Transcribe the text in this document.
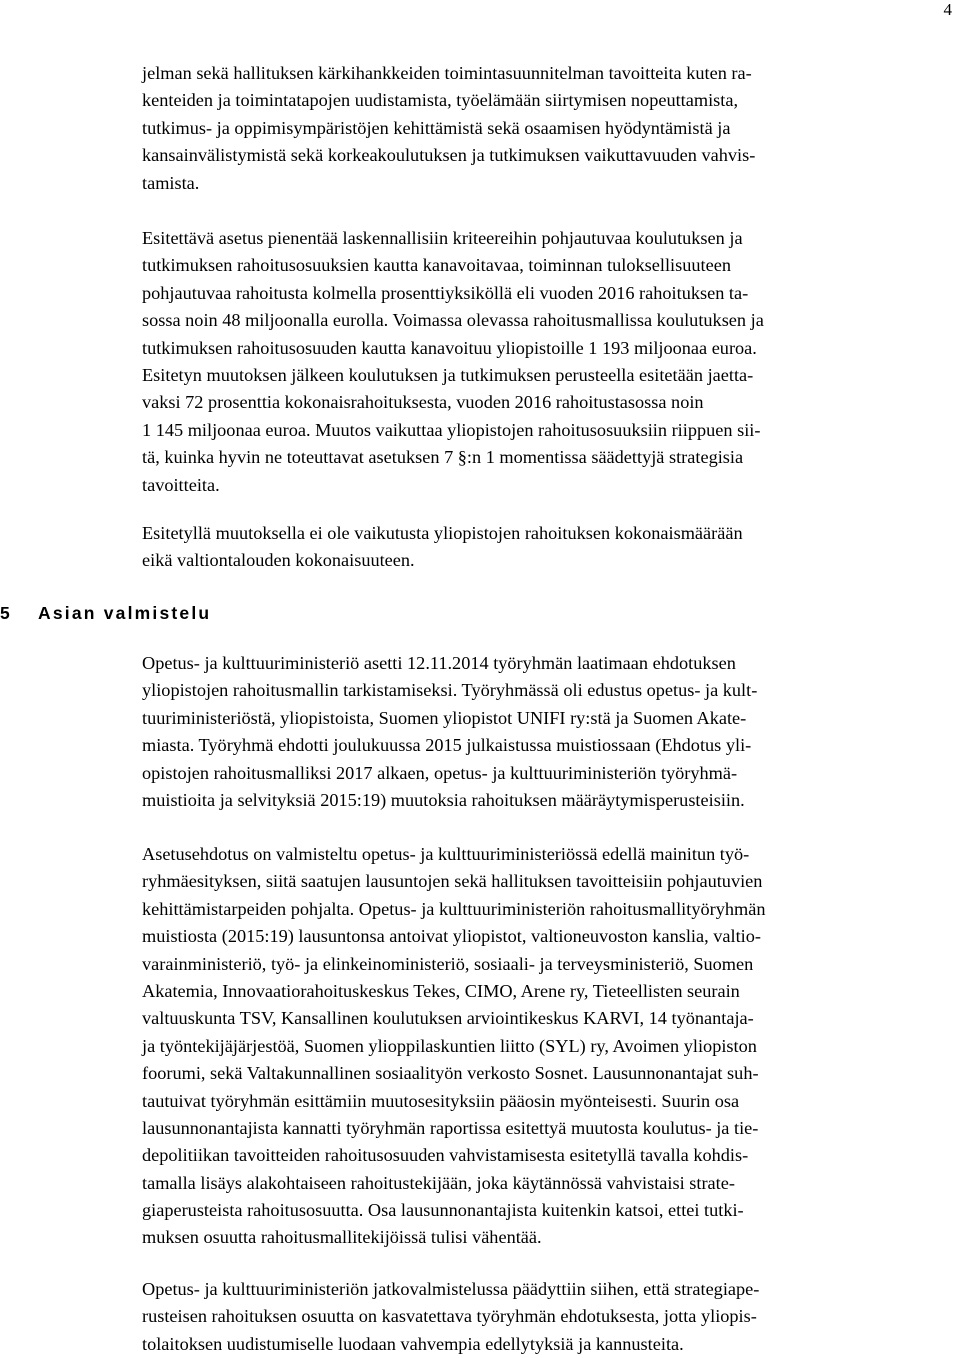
4
5 Asian valmistelu
jelman sekä hallituksen kärkihankkeiden toimintasuunnitelman tavoitteita kuten ra-
kenteiden ja toimintatapojen uudistamista, työelämään siirtymisen nopeuttamista,
tutkimus- ja oppimisympäristöjen kehittämistä sekä osaamisen hyödyntämistä ja
kansainvälistymistä sekä korkeakoulutuksen ja tutkimuksen vaikuttavuuden vahvis-
tamista.
Esitettävä asetus pienentää laskennallisiin kriteereihin pohjautuvaa koulutuksen ja
tutkimuksen rahoitusosuuksien kautta kanavoitavaa, toiminnan tuloksellisuuteen
pohjautuvaa rahoitusta kolmella prosenttiyksiköllä eli vuoden 2016 rahoituksen ta-
sossa noin 48 miljoonalla eurolla. Voimassa olevassa rahoitusmallissa koulutuksen ja
tutkimuksen rahoitusosuuden kautta kanavoituu yliopistoille 1 193 miljoonaa euroa.
Esitetyn muutoksen jälkeen koulutuksen ja tutkimuksen perusteella esitetään jaetta-
vaksi 72 prosenttia kokonaisrahoituksesta, vuoden 2016 rahoitustasossa noin
1 145 miljoonaa euroa. Muutos vaikuttaa yliopistojen rahoitusosuuksiin riippuen sii-
tä, kuinka hyvin ne toteuttavat asetuksen 7 §:n 1 momentissa säädettyjä strategisia
tavoitteita.
Esitetyllä muutoksella ei ole vaikutusta yliopistojen rahoituksen kokonaismäärään
eikä valtiontalouden kokonaisuuteen.
Opetus- ja kulttuuriministeriö asetti 12.11.2014 työryhmän laatimaan ehdotuksen
yliopistojen rahoitusmallin tarkistamiseksi. Työryhmässä oli edustus opetus- ja kult-
tuuriministeriöstä, yliopistoista, Suomen yliopistot UNIFI ry:stä ja Suomen Akate-
miasta. Työryhmä ehdotti joulukuussa 2015 julkaistussa muistiossaan (Ehdotus yli-
opistojen rahoitusmalliksi 2017 alkaen, opetus- ja kulttuuriministeriön työryhmä-
muistioita ja selvityksiä 2015:19) muutoksia rahoituksen määräytymisperusteisiin.
Asetusehdotus on valmisteltu opetus- ja kulttuuriministeriössä edellä mainitun työ-
ryhmäesityksen, siitä saatujen lausuntojen sekä hallituksen tavoitteisiin pohjautuvien
kehittämistarpeiden pohjalta. Opetus- ja kulttuuriministeriön rahoitusmallityöryhmän
muistiosta (2015:19) lausuntonsa antoivat yliopistot, valtioneuvoston kanslia, valtio-
varainministeriö, työ- ja elinkeinoministeriö, sosiaali- ja terveysministeriö, Suomen
Akatemia, Innovaatiorahoituskeskus Tekes, CIMO, Arene ry, Tieteellisten seurain
valtuuskunta TSV, Kansallinen koulutuksen arviointikeskus KARVI, 14 työnantaja-
ja työntekijäjärjestöä, Suomen ylioppilaskuntien liitto (SYL) ry, Avoimen yliopiston
foorumi, sekä Valtakunnallinen sosiaalityön verkosto Sosnet. Lausunnonantajat suh-
tautuivat työryhmän esittämiin muutosesityksiin pääosin myönteisesti. Suurin osa
lausunnonantajista kannatti työryhmän raportissa esitettyä muutosta koulutus- ja tie-
depolitiikan tavoitteiden rahoitusosuuden vahvistamisesta esitetyllä tavalla kohdis-
tamalla lisäys alakohtaiseen rahoitustekijään, joka käytännössä vahvistaisi strate-
giaperusteista rahoitusosuutta. Osa lausunnonantajista kuitenkin katsoi, ettei tutki-
muksen osuutta rahoitusmallitekijöissä tulisi vähentää.
Opetus- ja kulttuuriministeriön jatkovalmistelussa päädyttiin siihen, että strategiape-
rusteisen rahoituksen osuutta on kasvatettava työryhmän ehdotuksesta, jotta yliopis-
tolaitoksen uudistumiselle luodaan vahvempia edellytyksiä ja kannusteita.
